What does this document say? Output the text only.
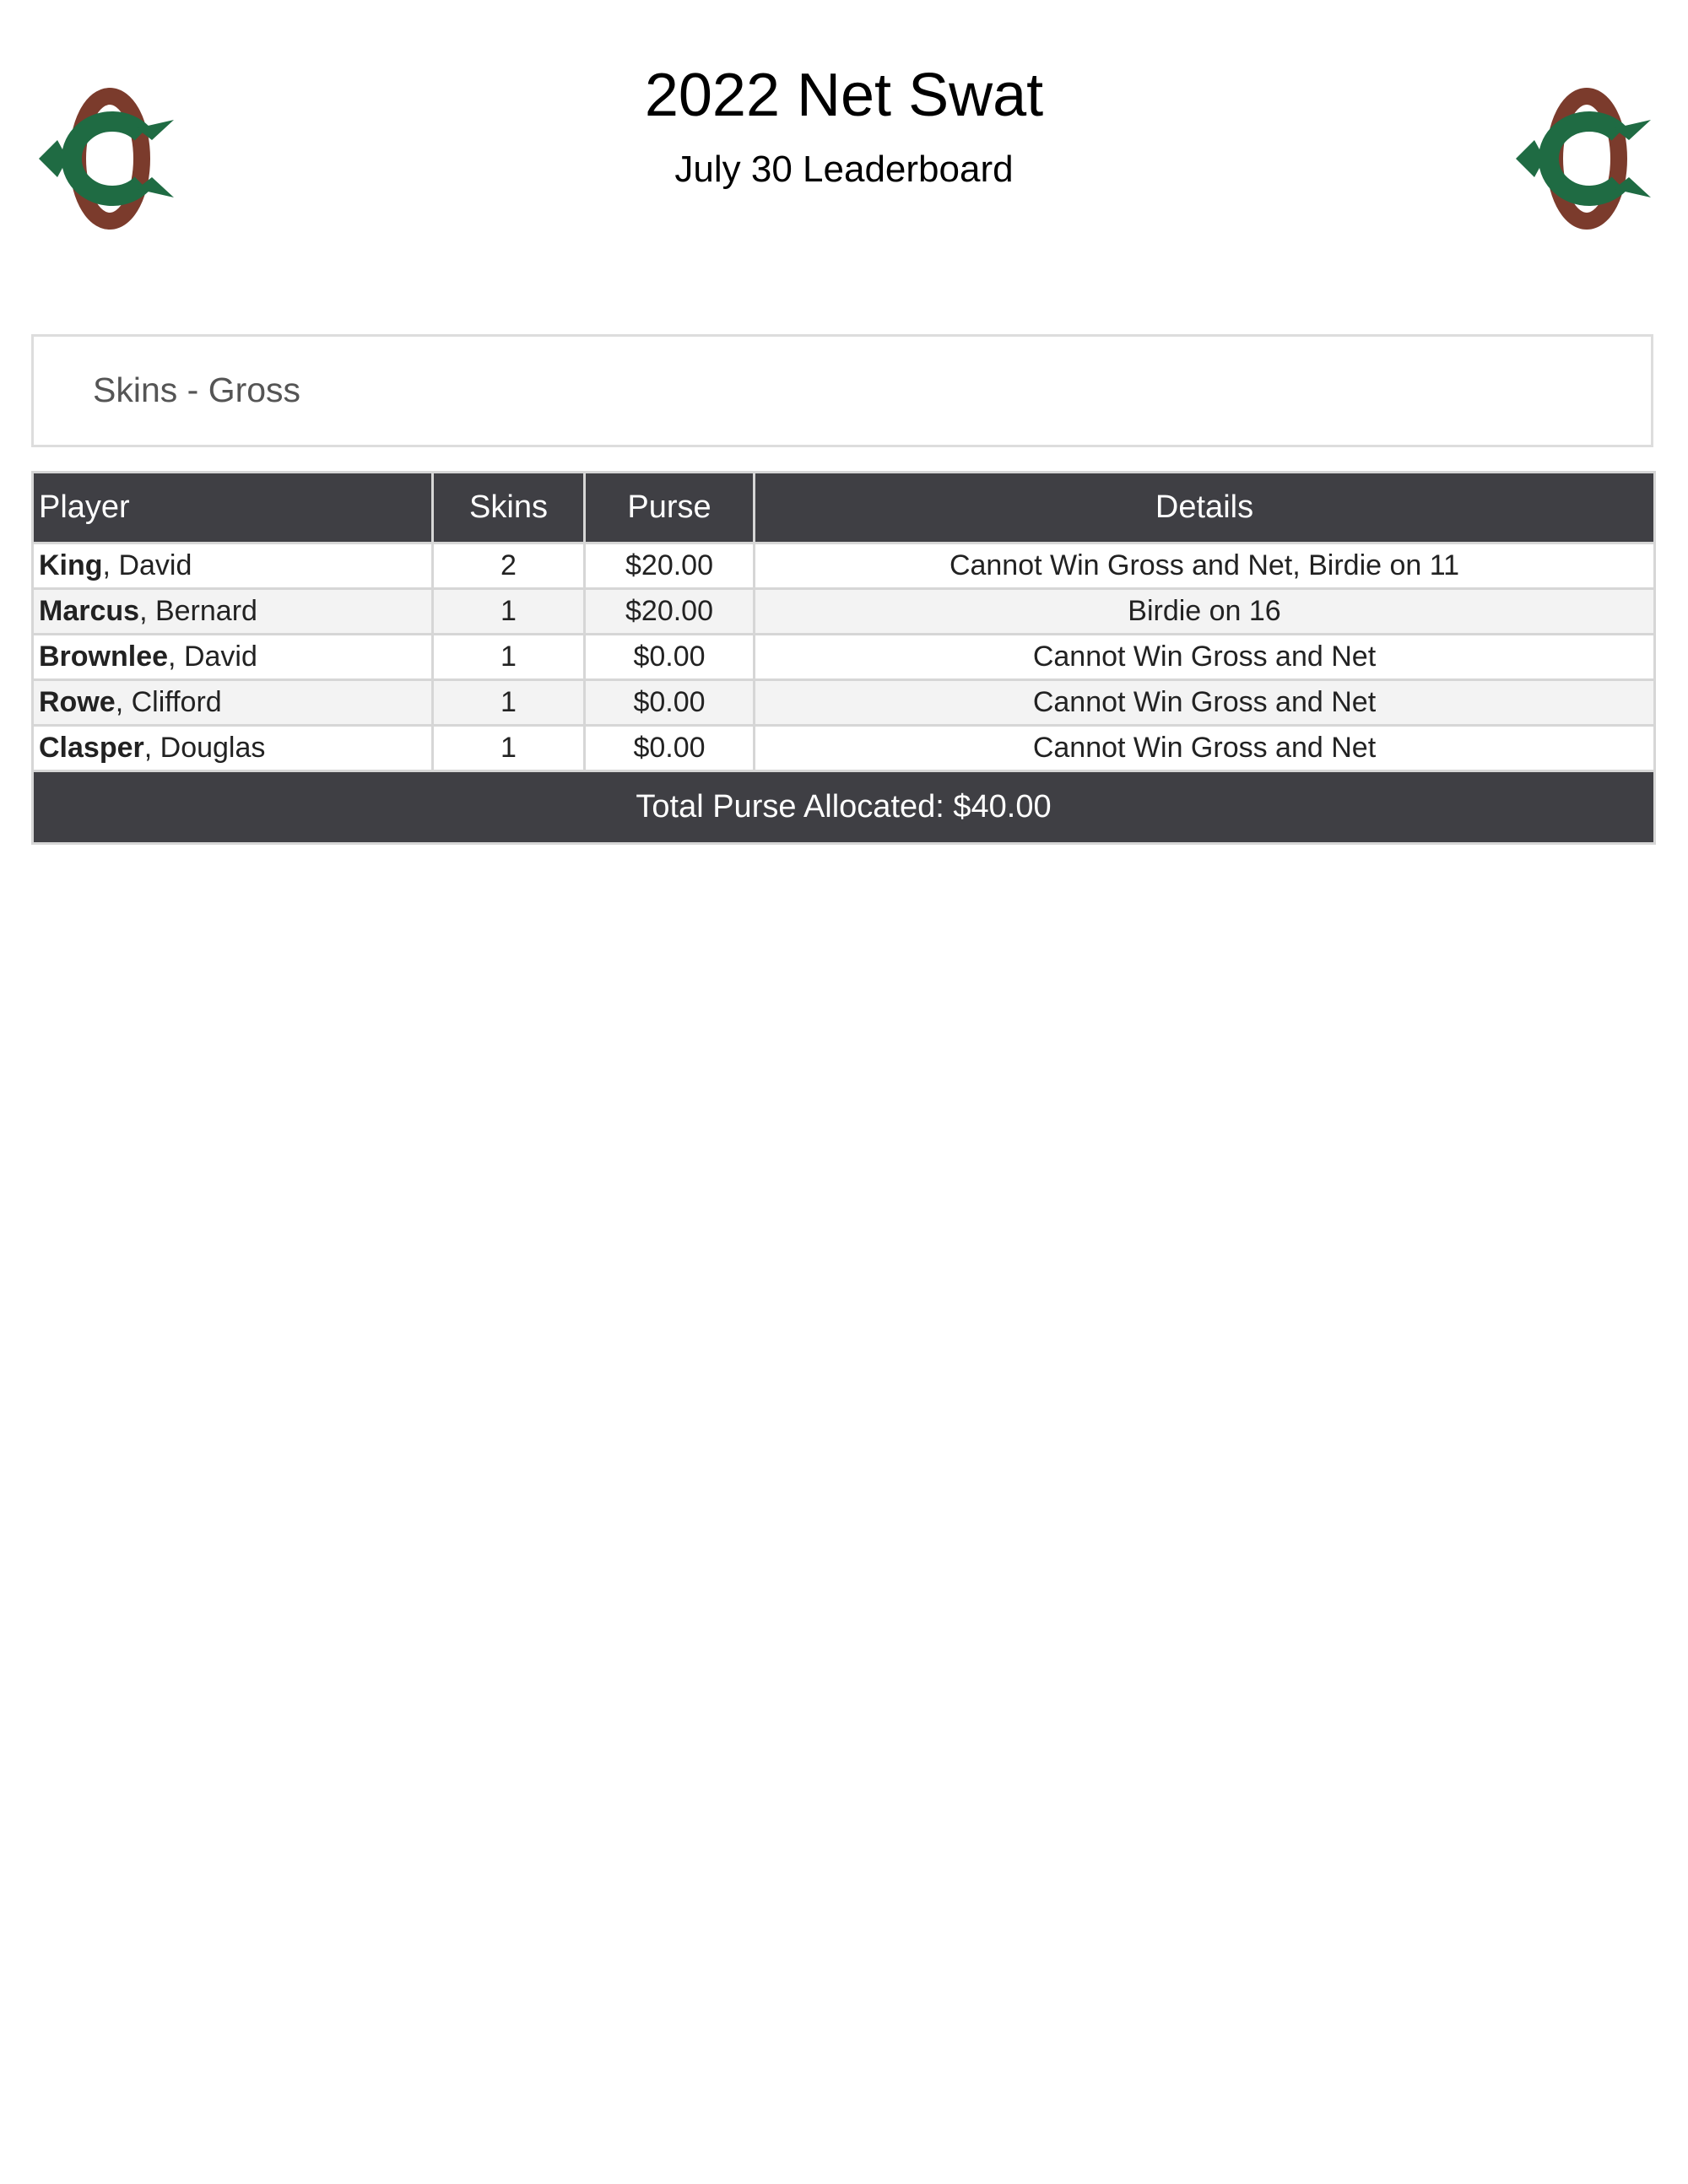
2022 Net Swat
July 30 Leaderboard
Skins - Gross
Player	Skins	Purse	Details
King, David	2	$20.00	Cannot Win Gross and Net, Birdie on 11
Marcus, Bernard	1	$20.00	Birdie on 16
Brownlee, David	1	$0.00	Cannot Win Gross and Net
Rowe, Clifford	1	$0.00	Cannot Win Gross and Net
Clasper, Douglas	1	$0.00	Cannot Win Gross and Net
Total Purse Allocated: $40.00			
